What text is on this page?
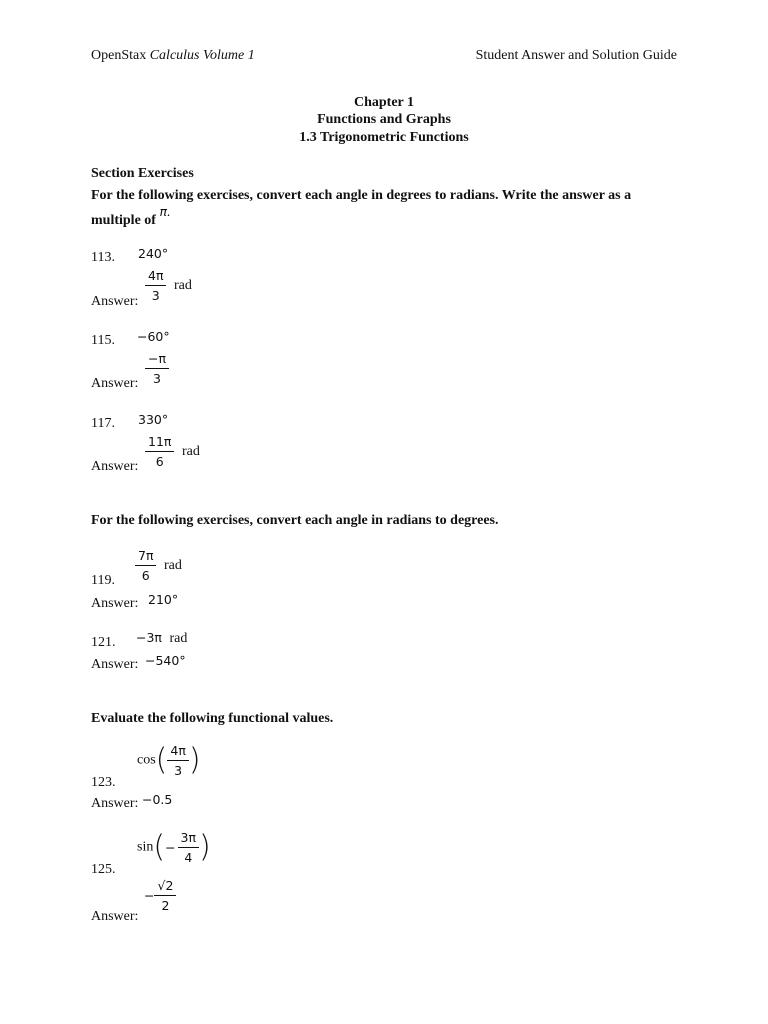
OpenStax Calculus Volume 1	Student Answer and Solution Guide
Chapter 1
Functions and Graphs
1.3 Trigonometric Functions
Section Exercises
For the following exercises, convert each angle in degrees to radians. Write the answer as a
multiple of π.
113. 240°
Answer: $\frac{4\pi}{3}$ rad
115. −60°
Answer: $\frac{-\pi}{3}$
117. 330°
Answer: $\frac{11\pi}{6}$ rad
For the following exercises, convert each angle in radians to degrees.
119. $\frac{7\pi}{6}$ rad
Answer: 210°
121. −3π rad
Answer: −540°
Evaluate the following functional values.
123.
$\cos( \frac{4\pi}{3}$ )
Answer: −0.5
125.
$\sin(- \frac{3\pi}{4}$ )
Answer:
− $\frac{√2}{2}$
